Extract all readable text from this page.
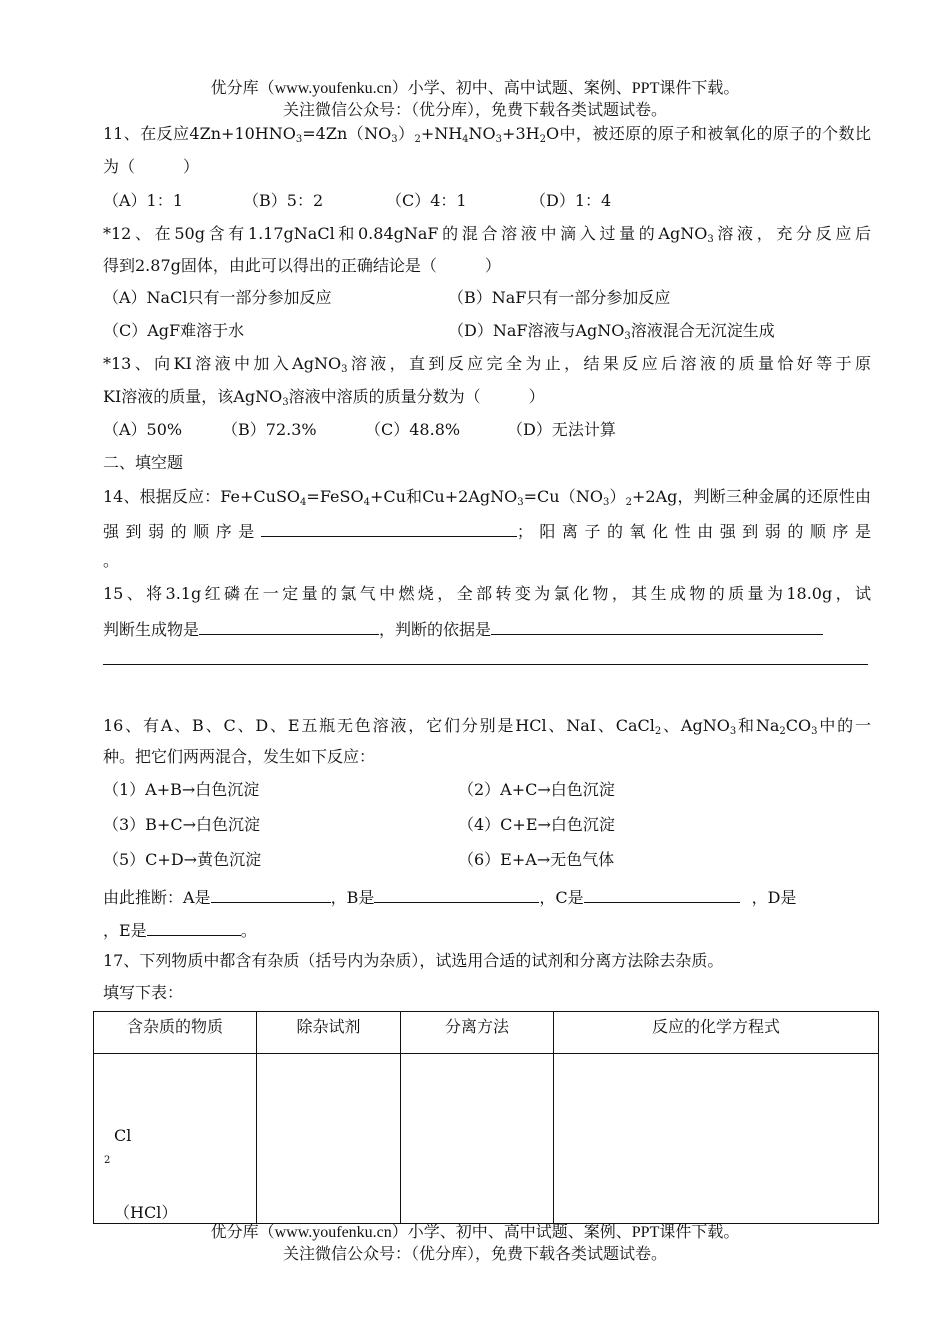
优分库（www.youfenku.cn）小学、初中、高中试题、案例、PPT课件下载。
关注微信公众号：（优分库），免费下载各类试题试卷。
11、在反应$4Zn+10HNO_3=4Zn(NO_3)_2+NH_4NO_3+3H_2O$中，被还原的原子和被氧化的原子的个数比
为（　　　）
（A）1：1	（B）5：2	（C）4：1	（D）1：4
*12、在50g含有1.17gNaCl和0.84gNaF的混合溶液中滴入过量的AgNO$_3$溶液，充分反应后
得到2.87g固体，由此可以得出的正确结论是（　　　）
（A）NaCl只有一部分参加反应	（B）NaF只有一部分参加反应
（C）AgF难溶于水	（D）NaF溶液与AgNO$_3$溶液混合无沉淀生成
*13、向KI溶液中加入AgNO$_3$溶液，直到反应完全为止，结果反应后溶液的质量恰好等于原
KI溶液的质量，该AgNO$_3$溶液中溶质的质量分数为（　　　）
（A）50% （B）72.3%	（C）48.8%	（D）无法计算
二、填空题
14、根据反应：Fe+CuSO$_4$=FeSO$_4$+Cu和$Cu+2AgNO_3=Cu(NO_3)_2+2Ag$，判断三种金属的还原性由
强到弱的顺序是	；阳离子的氧化性由强到弱的顺序是
。
15、将3.1g红磷在一定量的氯气中燃烧，全部转变为氯化物，其生成物的质量为18.0g，试
判断生成物是	，判断的依据是
16、有A、B、C、D、E五瓶无色溶液，它们分别是HCl、NaI、CaCl$_2$、AgNO$_3$和$Na_2CO_3$中的一
种。把它们两两混合，发生如下反应：
（1）A+B→白色沉淀	（2）A+C→白色沉淀
（3）B+C→白色沉淀	（4）C+E→白色沉淀
（5）C+D→黄色沉淀	（6）E+A→无色气体
由此推断：A是	，B是	，C是	，D是
，E是	。
17、下列物质中都含有杂质（括号内为杂质），试选用合适的试剂和分离方法除去杂质。
填写下表：
含杂质的物质	除杂试剂	分离方法	反应的化学方程式

Cl
$_2$
（HCl）			

优分库（www.youfenku.cn）小学、初中、高中试题、案例、PPT课件下载。
关注微信公众号：（优分库），免费下载各类试题试卷。
